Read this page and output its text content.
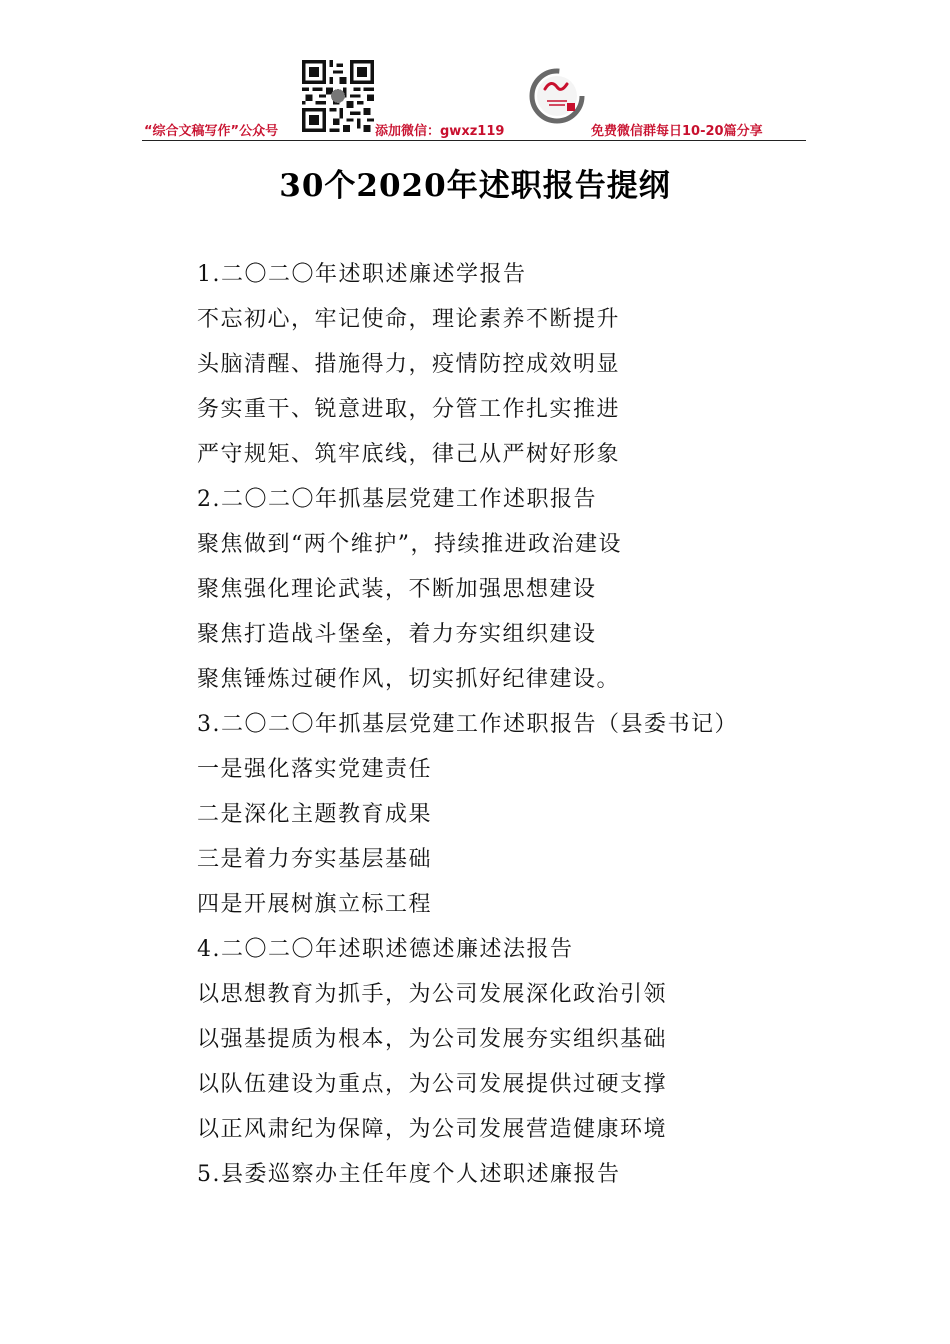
“综合文稿写作”公众号	添加微信：gwxz119	免费微信群每日10-20篇分享
30个2020年述职报告提纲
1.二〇二〇年述职述廉述学报告
不忘初心，牢记使命，理论素养不断提升
头脑清醒、措施得力，疫情防控成效明显
务实重干、锐意进取，分管工作扎实推进
严守规矩、筑牢底线，律己从严树好形象
2.二〇二〇年抓基层党建工作述职报告
聚焦做到“两个维护”，持续推进政治建设
聚焦强化理论武装，不断加强思想建设
聚焦打造战斗堡垒，着力夯实组织建设
聚焦锤炼过硬作风，切实抓好纪律建设。
3.二〇二〇年抓基层党建工作述职报告（县委书记）
一是强化落实党建责任
二是深化主题教育成果
三是着力夯实基层基础
四是开展树旗立标工程
4.二〇二〇年述职述德述廉述法报告
以思想教育为抓手，为公司发展深化政治引领
以强基提质为根本，为公司发展夯实组织基础
以队伍建设为重点，为公司发展提供过硬支撑
以正风肃纪为保障，为公司发展营造健康环境
5.县委巡察办主任年度个人述职述廉报告
